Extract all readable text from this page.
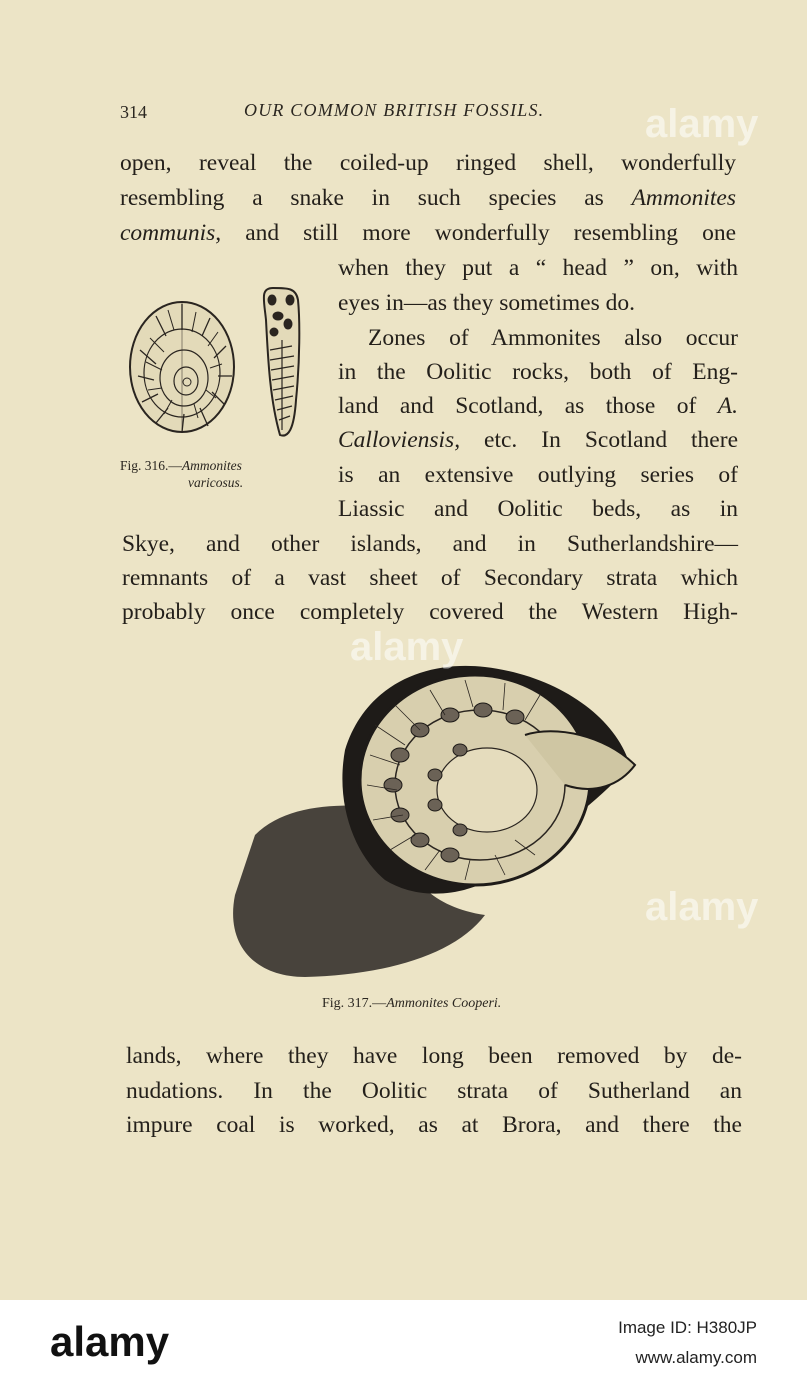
314	OUR COMMON BRITISH FOSSILS.
open, reveal the coiled-up ringed shell, wonderfully
resembling a snake in such species as Ammonites
communis, and still more wonderfully resembling one
when they put a “ head ” on, with
eyes in—as they sometimes do.
Zones of Ammonites also occur
in the Oolitic rocks, both of Eng-
land and Scotland, as those of A.
Calloviensis, etc. In Scotland there
is an extensive outlying series of
Liassic and Oolitic beds, as in
Skye, and other islands, and in Sutherlandshire—
remnants of a vast sheet of Secondary strata which
probably once completely covered the Western High-
Fig. 316.—Ammonites
varicosus.
Fig. 317.—Ammonites Cooperi.
lands, where they have long been removed by de-
nudations. In the Oolitic strata of Sutherland an
impure coal is worked, as at Brora, and there the
alamy
alamy
alamy
alamy	Image ID: H380JP
www.alamy.com
